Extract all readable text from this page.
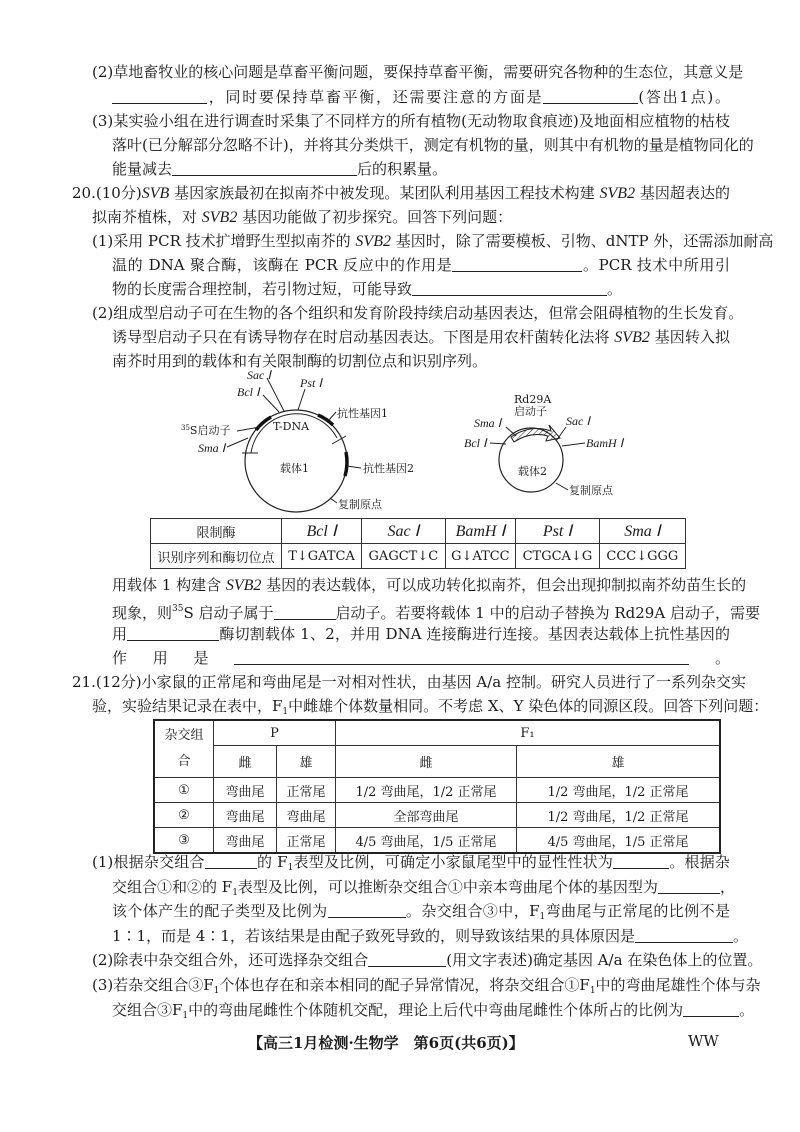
(2)草地畜牧业的核心问题是草畜平衡问题，要保持草畜平衡，需要研究各物种的生态位，其意义是
，同时要保持草畜平衡，还需要注意的方面是	(答出1点)。
(3)某实验小组在进行调查时采集了不同样方的所有植物(无动物取食痕迹)及地面相应植物的枯枝
落叶(已分解部分忽略不计)，并将其分类烘干，测定有机物的量，则其中有机物的量是植物同化的
能量减去	后的积累量。
20.(10分)SVB 基因家族最初在拟南芥中被发现。某团队利用基因工程技术构建 SVB2 基因超表达的
拟南芥植株，对 SVB2 基因功能做了初步探究。回答下列问题：
(1)采用 PCR 技术扩增野生型拟南芥的 SVB2 基因时，除了需要模板、引物、dNTP 外，还需添加耐高
温的 DNA 聚合酶，该酶在 PCR 反应中的作用是	。PCR 技术中所用引
物的长度需合理控制，若引物过短，可能导致	。
(2)组成型启动子可在生物的各个组织和发育阶段持续启动基因表达，但常会阻碍植物的生长发育。
诱导型启动子只在有诱导物存在时启动基因表达。下图是用农杆菌转化法将 SVB2 基因转入拟
南芥时用到的载体和有关限制酶的切割位点和识别序列。
用载体 1 构建含 SVB2 基因的表达载体，可以成功转化拟南芥，但会出现抑制拟南芥幼苗生长的
现象，则$^{35}$S 启动子属于	启动子。若要将载体 1 中的启动子替换为 Rd29A 启动子，需要
用	酶切割载体 1、2，并用 DNA 连接酶进行连接。基因表达载体上抗性基因的
作用是	。
21.(12分)小家鼠的正常尾和弯曲尾是一对相对性状，由基因 A/a 控制。研究人员进行了一系列杂交实
验，实验结果记录在表中，$F_1$中雌雄个体数量相同。不考虑 X、Y 染色体的同源区段。回答下列问题：
(1)根据杂交组合	的 $F_1$表型及比例，可确定小家鼠尾型中的显性性状为	。根据杂
交组合①和②的 $F_1$表型及比例，可以推断杂交组合①中亲本弯曲尾个体的基因型为	，
该个体产生的配子类型及比例为	。杂交组合③中，$F_1$弯曲尾与正常尾的比例不是
1∶1，而是 4∶1，若该结果是由配子致死导致的，则导致该结果的具体原因是	。
(2)除表中杂交组合外，还可选择杂交组合	(用文字表述)确定基因 A/a 在染色体上的位置。
(3)若杂交组合$③F_1$个体也存在和亲本相同的配子异常情况，将杂交组合$①F_1$中的弯曲尾雄性个体与杂
交组合$③F_1$中的弯曲尾雌性个体随机交配，理论上后代中弯曲尾雌性个体所占的比例为	。
Sac Ⅰ
Bcl Ⅰ
Pst Ⅰ
抗性基因1
T-DNA
$^{35}$S启动子
Sma Ⅰ
载体1	抗性基因2
复制原点
Rd29A
启动子
Sma Ⅰ
Bcl Ⅰ
Sac Ⅰ
BamH Ⅰ
载体2
复制原点
限制酶	Bcl Ⅰ	Sac Ⅰ	BamH Ⅰ	Pst Ⅰ	Sma Ⅰ
识别序列和酶切位点	T↓GATCA	GAGCT↓C	G↓ATCC	CTGCA↓G	CCC↓GGG
杂交组合	P		F₁	
	雌	雄	雌	雄
①	弯曲尾	正常尾	1/2 弯曲尾，1/2 正常尾	1/2 弯曲尾，1/2 正常尾
②	弯曲尾	弯曲尾	全部弯曲尾	1/2 弯曲尾，1/2 正常尾
③	弯曲尾	正常尾	4/5 弯曲尾，1/5 正常尾	4/5 弯曲尾，1/5 正常尾
【高三1月检测·生物学　第6页(共6页)】	WW
